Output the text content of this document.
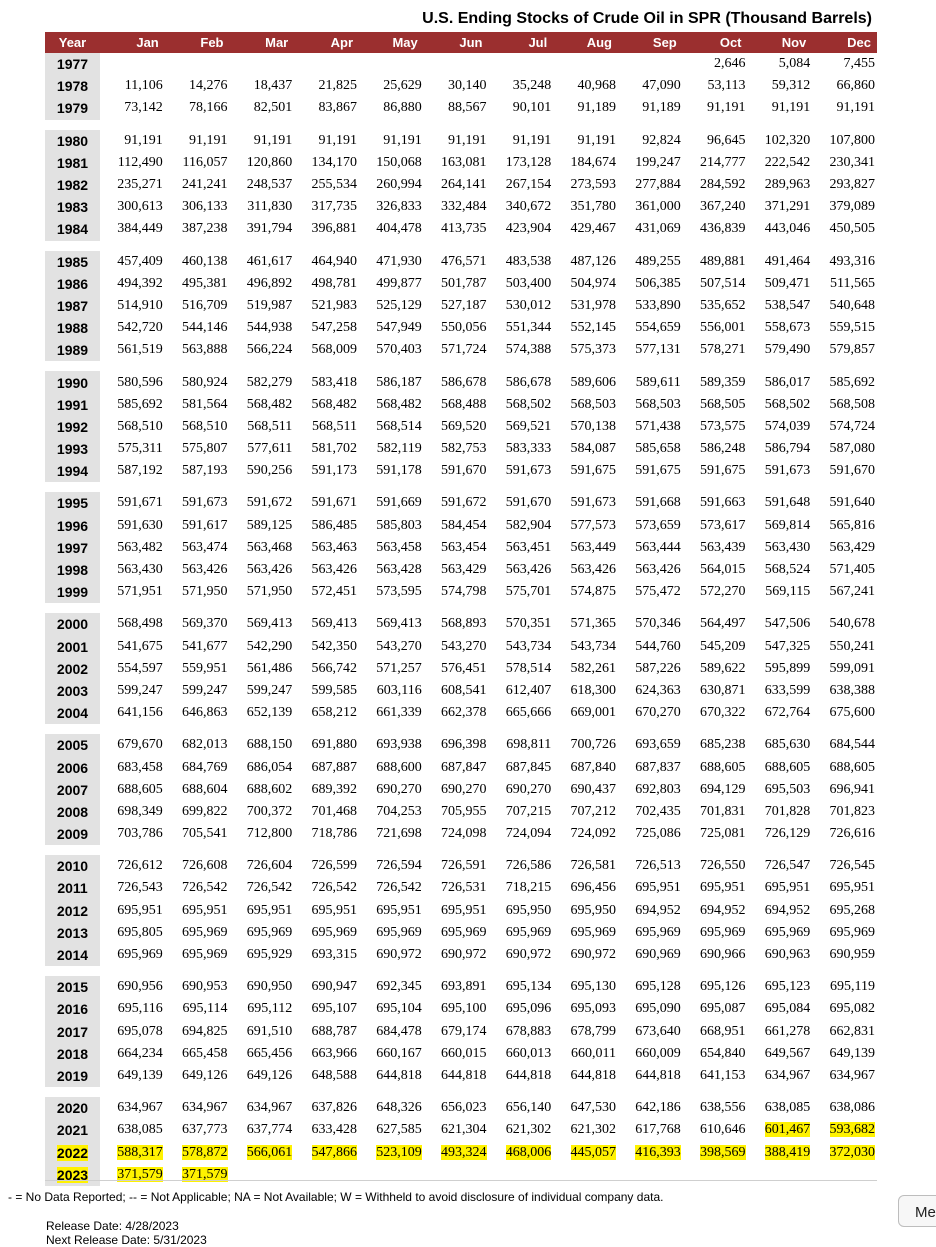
U.S. Ending Stocks of Crude Oil in SPR (Thousand Barrels)
Year	Jan	Feb	Mar	Apr	May	Jun	Jul	Aug	Sep	Oct	Nov	Dec
1977										2,646	5,084	7,455
1978	11,106	14,276	18,437	21,825	25,629	30,140	35,248	40,968	47,090	53,113	59,312	66,860
1979	73,142	78,166	82,501	83,867	86,880	88,567	90,101	91,189	91,189	91,191	91,191	91,191

1980	91,191	91,191	91,191	91,191	91,191	91,191	91,191	91,191	92,824	96,645	102,320	107,800
1981	112,490	116,057	120,860	134,170	150,068	163,081	173,128	184,674	199,247	214,777	222,542	230,341
1982	235,271	241,241	248,537	255,534	260,994	264,141	267,154	273,593	277,884	284,592	289,963	293,827
1983	300,613	306,133	311,830	317,735	326,833	332,484	340,672	351,780	361,000	367,240	371,291	379,089
1984	384,449	387,238	391,794	396,881	404,478	413,735	423,904	429,467	431,069	436,839	443,046	450,505

1985	457,409	460,138	461,617	464,940	471,930	476,571	483,538	487,126	489,255	489,881	491,464	493,316
1986	494,392	495,381	496,892	498,781	499,877	501,787	503,400	504,974	506,385	507,514	509,471	511,565
1987	514,910	516,709	519,987	521,983	525,129	527,187	530,012	531,978	533,890	535,652	538,547	540,648
1988	542,720	544,146	544,938	547,258	547,949	550,056	551,344	552,145	554,659	556,001	558,673	559,515
1989	561,519	563,888	566,224	568,009	570,403	571,724	574,388	575,373	577,131	578,271	579,490	579,857

1990	580,596	580,924	582,279	583,418	586,187	586,678	586,678	589,606	589,611	589,359	586,017	585,692
1991	585,692	581,564	568,482	568,482	568,482	568,488	568,502	568,503	568,503	568,505	568,502	568,508
1992	568,510	568,510	568,511	568,511	568,514	569,520	569,521	570,138	571,438	573,575	574,039	574,724
1993	575,311	575,807	577,611	581,702	582,119	582,753	583,333	584,087	585,658	586,248	586,794	587,080
1994	587,192	587,193	590,256	591,173	591,178	591,670	591,673	591,675	591,675	591,675	591,673	591,670

1995	591,671	591,673	591,672	591,671	591,669	591,672	591,670	591,673	591,668	591,663	591,648	591,640
1996	591,630	591,617	589,125	586,485	585,803	584,454	582,904	577,573	573,659	573,617	569,814	565,816
1997	563,482	563,474	563,468	563,463	563,458	563,454	563,451	563,449	563,444	563,439	563,430	563,429
1998	563,430	563,426	563,426	563,426	563,428	563,429	563,426	563,426	563,426	564,015	568,524	571,405
1999	571,951	571,950	571,950	572,451	573,595	574,798	575,701	574,875	575,472	572,270	569,115	567,241

2000	568,498	569,370	569,413	569,413	569,413	568,893	570,351	571,365	570,346	564,497	547,506	540,678
2001	541,675	541,677	542,290	542,350	543,270	543,270	543,734	543,734	544,760	545,209	547,325	550,241
2002	554,597	559,951	561,486	566,742	571,257	576,451	578,514	582,261	587,226	589,622	595,899	599,091
2003	599,247	599,247	599,247	599,585	603,116	608,541	612,407	618,300	624,363	630,871	633,599	638,388
2004	641,156	646,863	652,139	658,212	661,339	662,378	665,666	669,001	670,270	670,322	672,764	675,600

2005	679,670	682,013	688,150	691,880	693,938	696,398	698,811	700,726	693,659	685,238	685,630	684,544
2006	683,458	684,769	686,054	687,887	688,600	687,847	687,845	687,840	687,837	688,605	688,605	688,605
2007	688,605	688,604	688,602	689,392	690,270	690,270	690,270	690,437	692,803	694,129	695,503	696,941
2008	698,349	699,822	700,372	701,468	704,253	705,955	707,215	707,212	702,435	701,831	701,828	701,823
2009	703,786	705,541	712,800	718,786	721,698	724,098	724,094	724,092	725,086	725,081	726,129	726,616

2010	726,612	726,608	726,604	726,599	726,594	726,591	726,586	726,581	726,513	726,550	726,547	726,545
2011	726,543	726,542	726,542	726,542	726,542	726,531	718,215	696,456	695,951	695,951	695,951	695,951
2012	695,951	695,951	695,951	695,951	695,951	695,951	695,950	695,950	694,952	694,952	694,952	695,268
2013	695,805	695,969	695,969	695,969	695,969	695,969	695,969	695,969	695,969	695,969	695,969	695,969
2014	695,969	695,969	695,929	693,315	690,972	690,972	690,972	690,972	690,969	690,966	690,963	690,959

2015	690,956	690,953	690,950	690,947	692,345	693,891	695,134	695,130	695,128	695,126	695,123	695,119
2016	695,116	695,114	695,112	695,107	695,104	695,100	695,096	695,093	695,090	695,087	695,084	695,082
2017	695,078	694,825	691,510	688,787	684,478	679,174	678,883	678,799	673,640	668,951	661,278	662,831
2018	664,234	665,458	665,456	663,966	660,167	660,015	660,013	660,011	660,009	654,840	649,567	649,139
2019	649,139	649,126	649,126	648,588	644,818	644,818	644,818	644,818	644,818	641,153	634,967	634,967

2020	634,967	634,967	634,967	637,826	648,326	656,023	656,140	647,530	642,186	638,556	638,085	638,086
2021	638,085	637,773	637,774	633,428	627,585	621,304	621,302	621,302	617,768	610,646	601,467	593,682
2022	588,317	578,872	566,061	547,866	523,109	493,324	468,006	445,057	416,393	398,569	388,419	372,030
2023	371,579	371,579										
- = No Data Reported; -- = Not Applicable; NA = Not Available; W = Withheld to avoid disclosure of individual company data.
Release Date: 4/28/2023
Next Release Date: 5/31/2023
Me
